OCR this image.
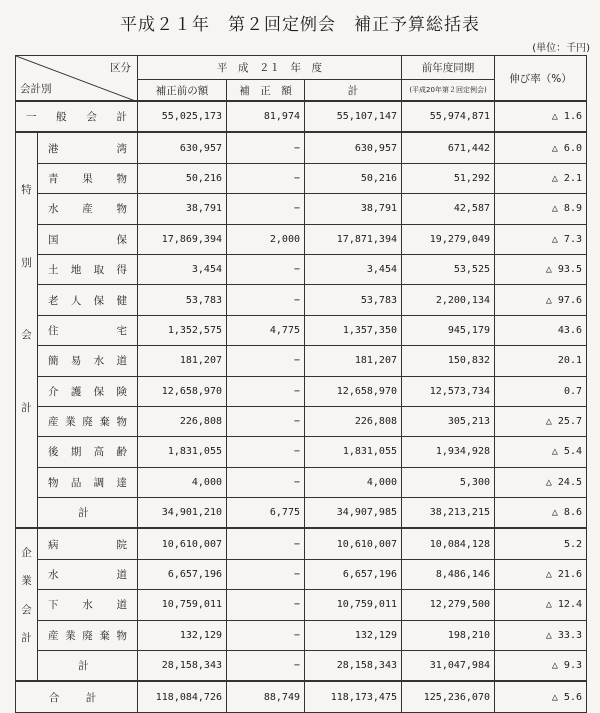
平成２１年　第２回定例会　補正予算総括表
(単位：千円)
区分
会計別		平　成　２１　年　度			前年度同期	伸び率（%）
		補正前の額	補　正　額	計	(平成20年第２回定例会)	
一 般 会 計		55,025,173	81,974	55,107,147	55,974,871	△ 1.6

特
別
会
計	港湾	630,957	−	630,957	671,442	△ 6.0
	青果物	50,216	−	50,216	51,292	△ 2.1
	水産物	38,791	−	38,791	42,587	△ 8.9
	国保	17,869,394	2,000	17,871,394	19,279,049	△ 7.3
	土地取得	3,454	−	3,454	53,525	△ 93.5
	老人保健	53,783	−	53,783	2,200,134	△ 97.6
	住宅	1,352,575	4,775	1,357,350	945,179	43.6
	簡易水道	181,207	−	181,207	150,832	20.1
	介護保険	12,658,970	−	12,658,970	12,573,734	0.7
	産業廃棄物	226,808	−	226,808	305,213	△ 25.7
	後期高齢	1,831,055	−	1,831,055	1,934,928	△ 5.4
	物品調達	4,000	−	4,000	5,300	△ 24.5
	計	34,901,210	6,775	34,907,985	38,213,215	△ 8.6

企
業
会
計	病院	10,610,007	−	10,610,007	10,084,128	5.2
	水道	6,657,196	−	6,657,196	8,486,146	△ 21.6
	下水道	10,759,011	−	10,759,011	12,279,500	△ 12.4
	産業廃棄物	132,129	−	132,129	198,210	△ 33.3
	計	28,158,343	−	28,158,343	31,047,984	△ 9.3
合　計		118,084,726	88,749	118,173,475	125,236,070	△ 5.6
